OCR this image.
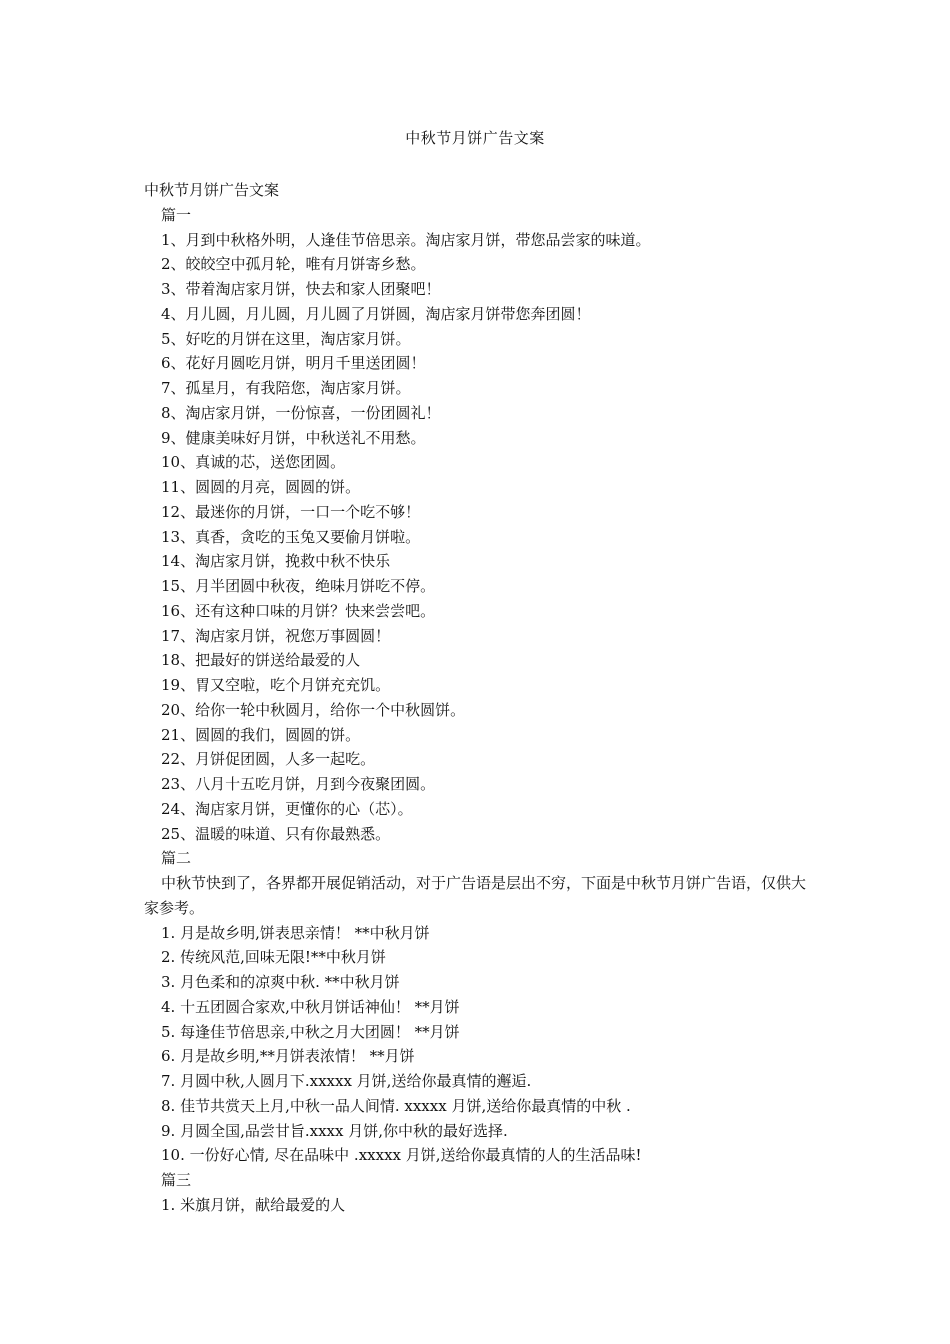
中秋节月饼广告文案
中秋节月饼广告文案
篇一
1、月到中秋格外明，人逢佳节倍思亲。淘店家月饼，带您品尝家的味道。
2、皎皎空中孤月轮，唯有月饼寄乡愁。
3、带着淘店家月饼，快去和家人团聚吧！
4、月儿圆，月儿圆，月儿圆了月饼圆，淘店家月饼带您奔团圆！
5、好吃的月饼在这里，淘店家月饼。
6、花好月圆吃月饼，明月千里送团圆！
7、孤星月，有我陪您，淘店家月饼。
8、淘店家月饼，一份惊喜，一份团圆礼！
9、健康美味好月饼，中秋送礼不用愁。
10、真诚的芯，送您团圆。
11、圆圆的月亮，圆圆的饼。
12、最迷你的月饼，一口一个吃不够！
13、真香，贪吃的玉兔又要偷月饼啦。
14、淘店家月饼，挽救中秋不快乐
15、月半团圆中秋夜，绝味月饼吃不停。
16、还有这种口味的月饼？快来尝尝吧。
17、淘店家月饼，祝您万事圆圆！
18、把最好的饼送给最爱的人
19、胃又空啦，吃个月饼充充饥。
20、给你一轮中秋圆月，给你一个中秋圆饼。
21、圆圆的我们，圆圆的饼。
22、月饼促团圆，人多一起吃。
23、八月十五吃月饼，月到今夜聚团圆。
24、淘店家月饼，更懂你的心（芯）。
25、温暖的味道、只有你最熟悉。
篇二
中秋节快到了，各界都开展促销活动，对于广告语是层出不穷，下面是中秋节月饼广告语，仅供大家参考。
1. 月是故乡明,饼表思亲情！ **中秋月饼
2. 传统风范,回味无限!**中秋月饼
3. 月色柔和的凉爽中秋. **中秋月饼
4. 十五团圆合家欢,中秋月饼话神仙！ **月饼
5. 每逢佳节倍思亲,中秋之月大团圆！ **月饼
6. 月是故乡明,**月饼表浓情！ **月饼
7. 月圆中秋,人圆月下.xxxxx 月饼,送给你最真情的邂逅.
8. 佳节共赏天上月,中秋一品人间情. xxxxx 月饼,送给你最真情的中秋 .
9. 月圆全国,品尝甘旨.xxxx 月饼,你中秋的最好选择.
10. 一份好心情, 尽在品味中 .xxxxx 月饼,送给你最真情的人的生活品味!
篇三
1. 米旗月饼，献给最爱的人
